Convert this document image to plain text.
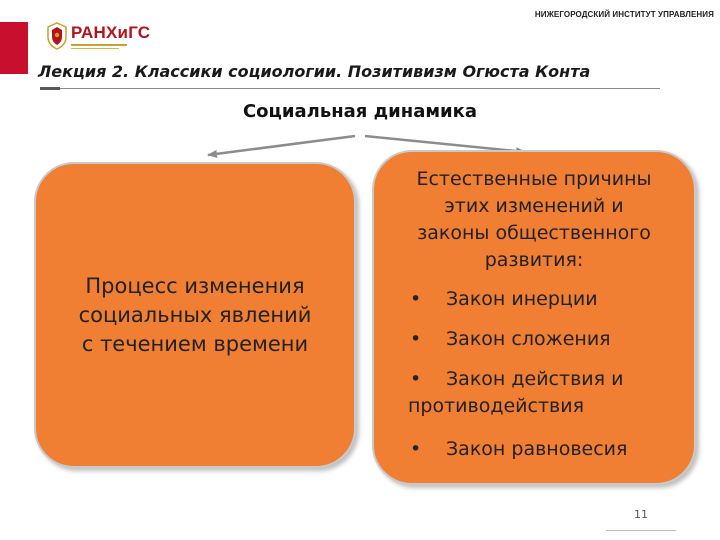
РАНХиГС
НИЖЕГОРОДСКИЙ ИНСТИТУТ УПРАВЛЕНИЯ
Лекция 2. Классики социологии. Позитивизм Огюста Конта
Социальная динамика
Процесс изменения
социальных явлений
с течением времени
Естественные причины
этих изменений и
законы общественного
развития:
• Закон инерции
• Закон сложения
• Закон действия и
противодействия
• Закон равновесия
11
